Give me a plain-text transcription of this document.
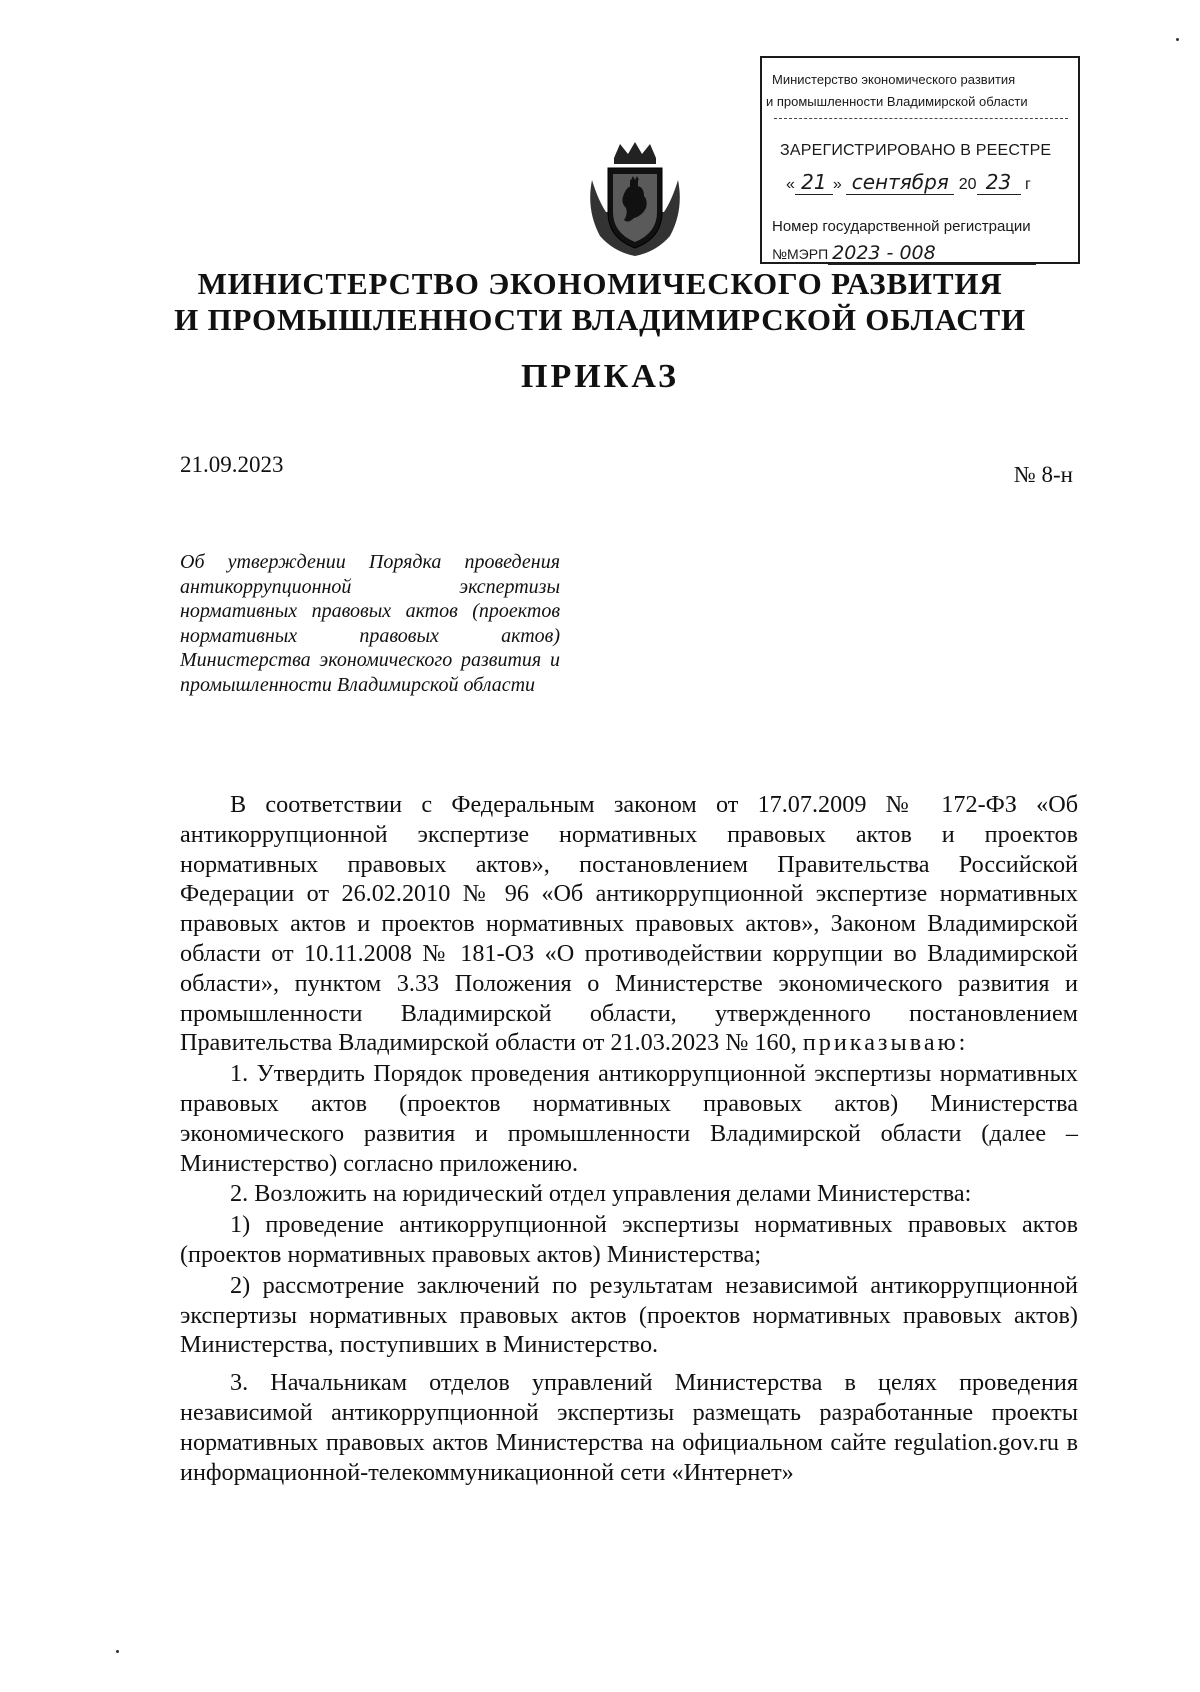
Министерство экономического развития
и промышленности Владимирской области
ЗАРЕГИСТРИРОВАНО В РЕЕСТРЕ
« 21 » сентября 20 23 г
Номер государственной регистрации
№МЭРП 2023 - 008
МИНИСТЕРСТВО ЭКОНОМИЧЕСКОГО РАЗВИТИЯ
И ПРОМЫШЛЕННОСТИ ВЛАДИМИРСКОЙ ОБЛАСТИ
ПРИКАЗ
21.09.2023	№ 8-н
Об утверждении Порядка проведения антикоррупционной экспертизы нормативных правовых актов (проектов нормативных правовых актов) Министерства экономического развития и промышленности Владимирской области

В соответствии с Федеральным законом от 17.07.2009 № 172-ФЗ «Об антикоррупционной экспертизе нормативных правовых актов и проектов нормативных правовых актов», постановлением Правительства Российской Федерации от 26.02.2010 № 96 «Об антикоррупционной экспертизе нормативных правовых актов и проектов нормативных правовых актов», Законом Владимирской области от 10.11.2008 № 181-ОЗ «О противодействии коррупции во Владимирской области», пунктом 3.33 Положения о Министерстве экономического развития и промышленности Владимирской области, утвержденного постановлением Правительства Владимирской области от 21.03.2023 № 160, приказываю:

1. Утвердить Порядок проведения антикоррупционной экспертизы нормативных правовых актов (проектов нормативных правовых актов) Министерства экономического развития и промышленности Владимирской области (далее – Министерство) согласно приложению.

2. Возложить на юридический отдел управления делами Министерства:

1) проведение антикоррупционной экспертизы нормативных правовых актов (проектов нормативных правовых актов) Министерства;

2) рассмотрение заключений по результатам независимой антикоррупционной экспертизы нормативных правовых актов (проектов нормативных правовых актов) Министерства, поступивших в Министерство.

3. Начальникам отделов управлений Министерства в целях проведения независимой антикоррупционной экспертизы размещать разработанные проекты нормативных правовых актов Министерства на официальном сайте regulation.gov.ru в информационной-телекоммуникационной сети «Интернет»
